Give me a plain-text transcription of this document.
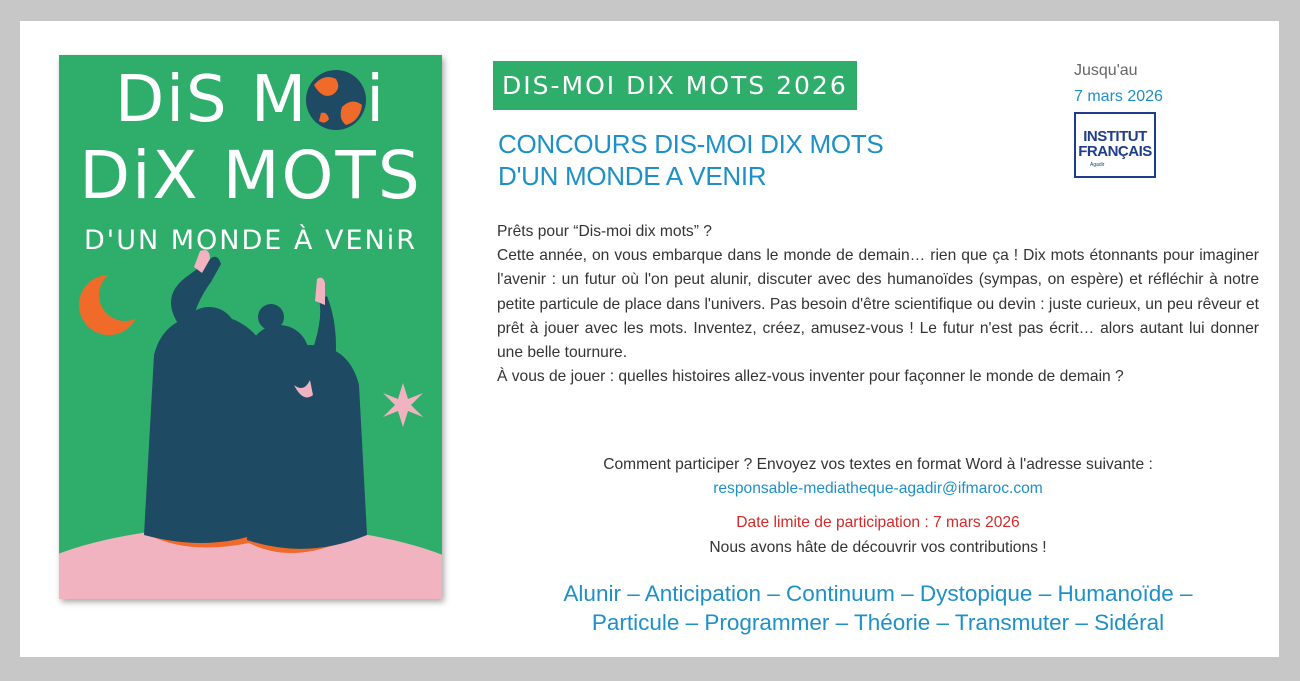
DiS M i
DiX MOTS
D'UN MONDE À VENiR
DIS-MOI DIX MOTS 2026
CONCOURS DIS-MOI DIX MOTS
D'UN MONDE A VENIR
Jusqu'au
7 mars 2026
INSTITUT
FRANÇAIS
Agadir

Prêts pour “Dis-moi dix mots” ?

Cette année, on vous embarque dans le monde de demain… rien que ça ! Dix mots étonnants pour imaginer l'avenir : un futur où l'on peut alunir, discuter avec des humanoïdes (sympas, on espère) et réfléchir à notre petite particule de place dans l'univers. Pas besoin d'être scientifique ou devin : juste curieux, un peu rêveur et prêt à jouer avec les mots. Inventez, créez, amusez-vous ! Le futur n'est pas écrit… alors autant lui donner une belle tournure.

À vous de jouer : quelles histoires allez-vous inventer pour façonner le monde de demain ?

Comment participer ? Envoyez vos textes en format Word à l'adresse suivante :
responsable-mediatheque-agadir@ifmaroc.com
Date limite de participation : 7 mars 2026
Nous avons hâte de découvrir vos contributions !
Alunir – Anticipation – Continuum – Dystopique – Humanoïde –
Particule – Programmer – Théorie – Transmuter – Sidéral
